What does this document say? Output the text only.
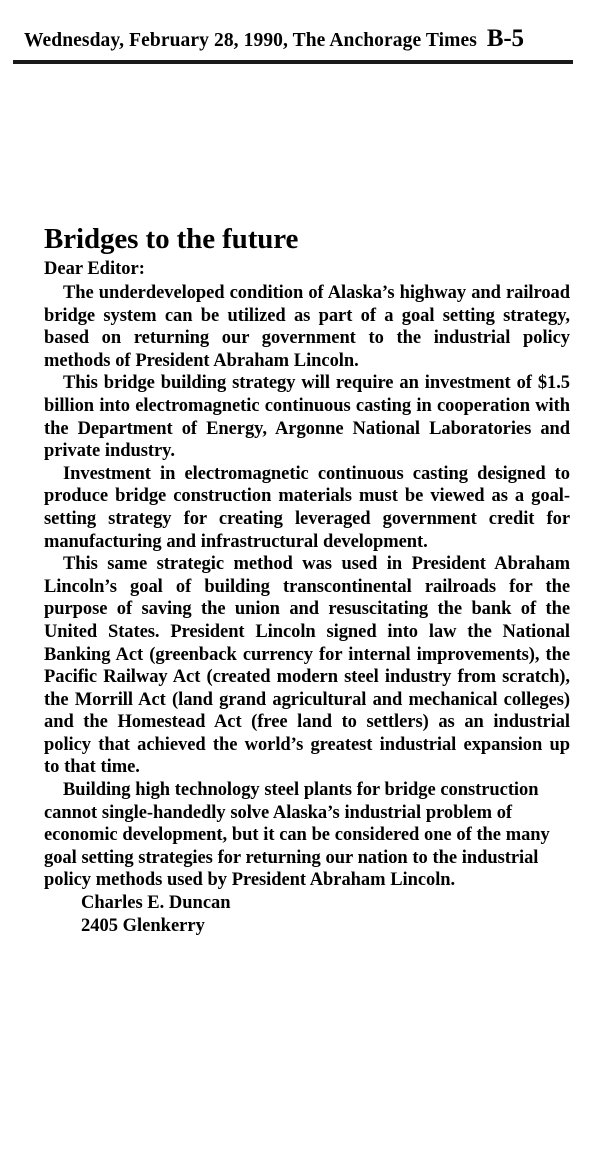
Wednesday, February 28, 1990, The Anchorage Times B-5
Bridges to the future
Dear Editor:

The underdeveloped condition of Alaska’s highway and railroad bridge system can be utilized as part of a goal setting strategy, based on returning our government to the industrial policy methods of President Abraham Lincoln.

This bridge building strategy will require an investment of $1.5 billion into electromagnetic continuous casting in cooperation with the Department of Energy, Argonne National Laboratories and private industry.

Investment in electromagnetic continuous casting designed to produce bridge construction materials must be viewed as a goal-setting strategy for creating leveraged government credit for manufacturing and infrastructural development.

This same strategic method was used in President Abraham Lincoln’s goal of building transcontinental railroads for the purpose of saving the union and resuscitating the bank of the United States. President Lincoln signed into law the National Banking Act (greenback currency for internal improvements), the Pacific Railway Act (created modern steel industry from scratch), the Morrill Act (land grand agricultural and mechanical colleges) and the Homestead Act (free land to settlers) as an industrial policy that achieved the world’s greatest industrial expansion up to that time.

Building high technology steel plants for bridge construction cannot single-handedly solve Alaska’s industrial problem of economic development, but it can be considered one of the many goal setting strategies for returning our nation to the industrial policy methods used by President Abraham Lincoln.

Charles E. Duncan
2405 Glenkerry
